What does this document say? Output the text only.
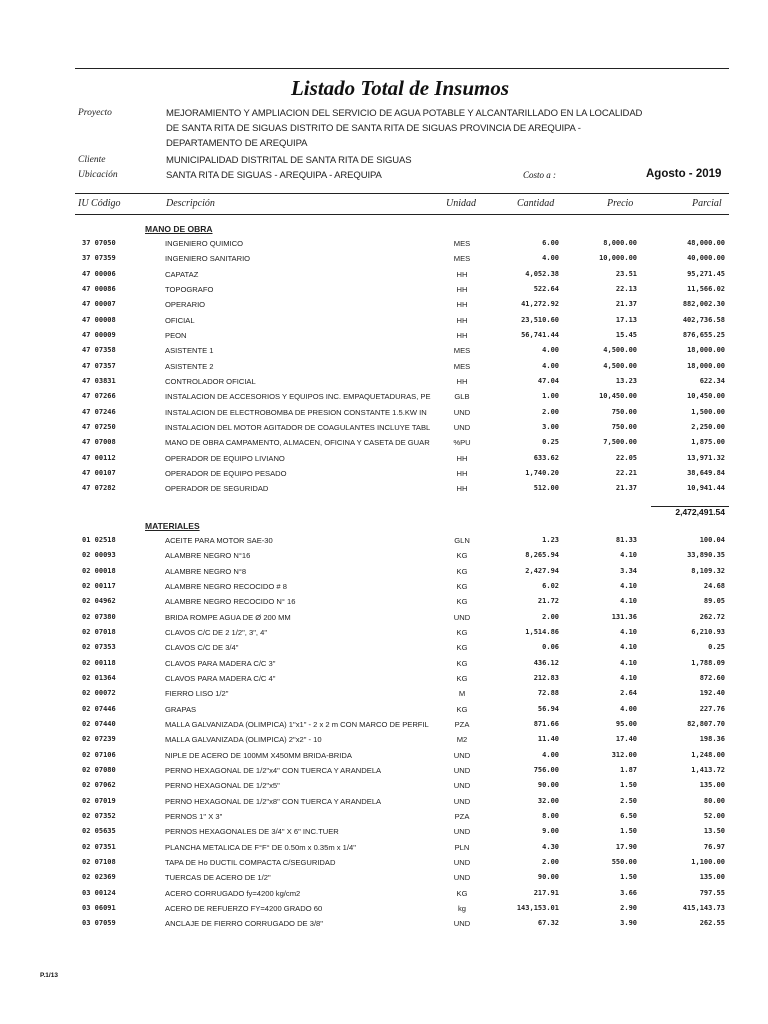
Listado Total de Insumos
Proyecto	MEJORAMIENTO Y AMPLIACION DEL SERVICIO DE AGUA POTABLE Y ALCANTARILLADO EN LA LOCALIDAD
DE SANTA RITA DE SIGUAS DISTRITO DE SANTA RITA DE SIGUAS PROVINCIA DE AREQUIPA -
DEPARTAMENTO DE AREQUIPA
Cliente	MUNICIPALIDAD DISTRITAL DE SANTA RITA DE SIGUAS
Ubicación	SANTA RITA DE SIGUAS - AREQUIPA - AREQUIPA	Costo a :	Agosto - 2019
IU Código	Descripción	Unidad	Cantidad	Precio	Parcial
MANO DE OBRA
37 07050	INGENIERO QUIMICO	MES	6.00	8,000.00	48,000.00
37 07359	INGENIERO SANITARIO	MES	4.00	10,000.00	40,000.00
47 00006	CAPATAZ	HH	4,052.38	23.51	95,271.45
47 00086	TOPOGRAFO	HH	522.64	22.13	11,566.02
47 00007	OPERARIO	HH	41,272.92	21.37	882,002.30
47 00008	OFICIAL	HH	23,510.60	17.13	402,736.58
47 00009	PEON	HH	56,741.44	15.45	876,655.25
47 07358	ASISTENTE 1	MES	4.00	4,500.00	18,000.00
47 07357	ASISTENTE 2	MES	4.00	4,500.00	18,000.00
47 03831	CONTROLADOR OFICIAL	HH	47.04	13.23	622.34
47 07266	INSTALACION DE ACCESORIOS Y EQUIPOS INC. EMPAQUETADURAS, PE	GLB	1.00	10,450.00	10,450.00
47 07246	INSTALACION DE ELECTROBOMBA DE PRESION CONSTANTE 1.5.KW IN	UND	2.00	750.00	1,500.00
47 07250	INSTALACION DEL MOTOR AGITADOR DE COAGULANTES INCLUYE TABL	UND	3.00	750.00	2,250.00
47 07008	MANO DE OBRA CAMPAMENTO, ALMACEN, OFICINA Y CASETA DE GUAR	%PU	0.25	7,500.00	1,875.00
47 00112	OPERADOR DE EQUIPO LIVIANO	HH	633.62	22.05	13,971.32
47 00107	OPERADOR DE EQUIPO PESADO	HH	1,740.20	22.21	38,649.84
47 07282	OPERADOR DE SEGURIDAD	HH	512.00	21.37	10,941.44
2,472,491.54
MATERIALES
01 02518	ACEITE PARA MOTOR SAE-30	GLN	1.23	81.33	100.04
02 00093	ALAMBRE NEGRO N°16	KG	8,265.94	4.10	33,890.35
02 00018	ALAMBRE NEGRO N°8	KG	2,427.94	3.34	8,109.32
02 00117	ALAMBRE NEGRO RECOCIDO # 8	KG	6.02	4.10	24.68
02 04962	ALAMBRE NEGRO RECOCIDO N° 16	KG	21.72	4.10	89.05
02 07380	BRIDA ROMPE AGUA DE Ø 200 MM	UND	2.00	131.36	262.72
02 07018	CLAVOS C/C DE 2 1/2", 3", 4"	KG	1,514.86	4.10	6,210.93
02 07353	CLAVOS C/C DE 3/4"	KG	0.06	4.10	0.25
02 00118	CLAVOS PARA MADERA C/C 3"	KG	436.12	4.10	1,788.09
02 01364	CLAVOS PARA MADERA C/C 4"	KG	212.83	4.10	872.60
02 00072	FIERRO LISO 1/2"	M	72.88	2.64	192.40
02 07446	GRAPAS	KG	56.94	4.00	227.76
02 07440	MALLA GALVANIZADA (OLIMPICA) 1"x1" - 2 x 2 m CON MARCO DE PERFIL	PZA	871.66	95.00	82,807.70
02 07239	MALLA GALVANIZADA (OLIMPICA) 2"x2" - 10	M2	11.40	17.40	198.36
02 07106	NIPLE DE ACERO DE 100MM X450MM BRIDA-BRIDA	UND	4.00	312.00	1,248.00
02 07080	PERNO HEXAGONAL DE 1/2"x4" CON TUERCA Y ARANDELA	UND	756.00	1.87	1,413.72
02 07062	PERNO HEXAGONAL DE 1/2"x5"	UND	90.00	1.50	135.00
02 07019	PERNO HEXAGONAL DE 1/2"x8" CON TUERCA Y ARANDELA	UND	32.00	2.50	80.00
02 07352	PERNOS 1" X 3"	PZA	8.00	6.50	52.00
02 05635	PERNOS HEXAGONALES DE 3/4" X 6" INC.TUER	UND	9.00	1.50	13.50
02 07351	PLANCHA METALICA DE F°F° DE 0.50m x 0.35m x 1/4"	PLN	4.30	17.90	76.97
02 07108	TAPA DE Ho DUCTIL COMPACTA C/SEGURIDAD	UND	2.00	550.00	1,100.00
02 02369	TUERCAS DE ACERO DE 1/2"	UND	90.00	1.50	135.00
03 00124	ACERO CORRUGADO fy=4200 kg/cm2	KG	217.91	3.66	797.55
03 06091	ACERO DE REFUERZO FY=4200 GRADO 60	kg	143,153.01	2.90	415,143.73
03 07059	ANCLAJE DE FIERRO CORRUGADO DE 3/8"	UND	67.32	3.90	262.55
P.1/13
